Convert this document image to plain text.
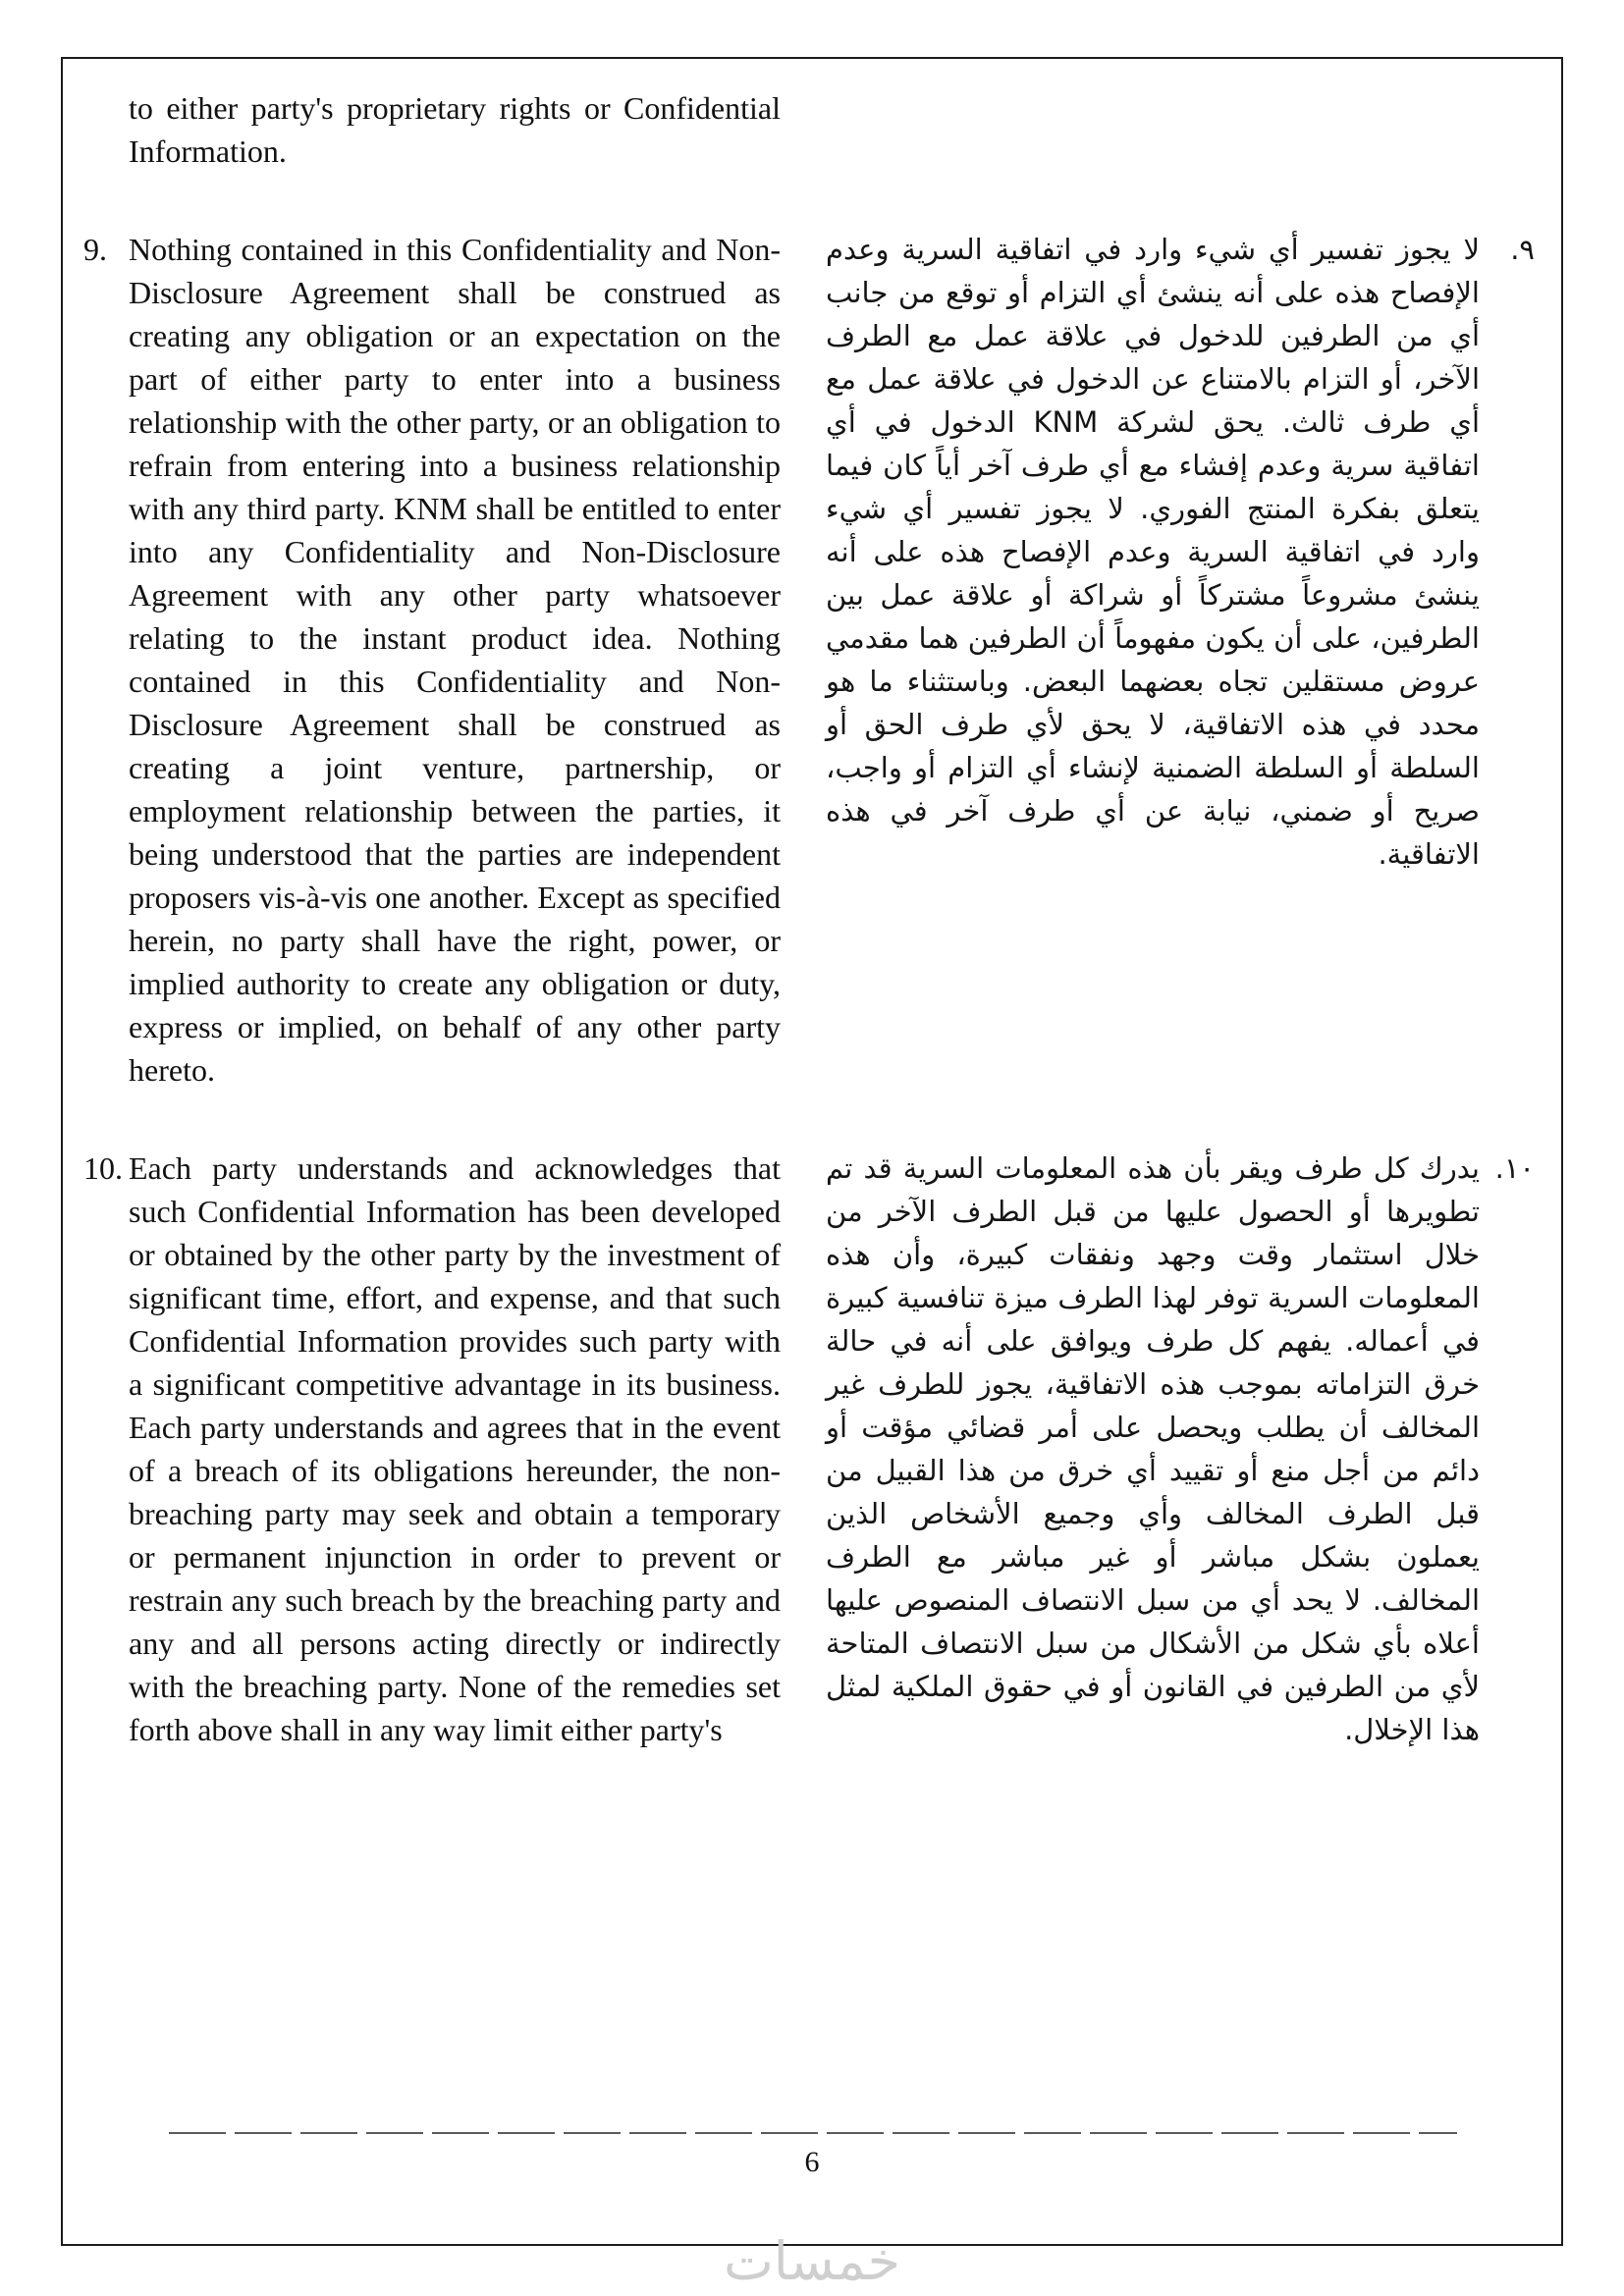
to either party's proprietary rights or Confidential Information.

9. Nothing contained in this Confidentiality and Non-Disclosure Agreement shall be construed as creating any obligation or an expectation on the part of either party to enter into a business relationship with the other party, or an obligation to refrain from entering into a business relationship with any third party. KNM shall be entitled to enter into any Confidentiality and Non-Disclosure Agreement with any other party whatsoever relating to the instant product idea. Nothing contained in this Confidentiality and Non-Disclosure Agreement shall be construed as creating a joint venture, partnership, or employment relationship between the parties, it being understood that the parties are independent proposers vis-à-vis one another. Except as specified herein, no party shall have the right, power, or implied authority to create any obligation or duty, express or implied, on behalf of any other party hereto.
٩.
لا يجوز تفسير أي شيء وارد في اتفاقية السرية وعدم الإفصاح هذه على أنه ينشئ أي التزام أو توقع من جانب أي من الطرفين للدخول في علاقة عمل مع الطرف الآخر، أو التزام بالامتناع عن الدخول في علاقة عمل مع أي طرف ثالث. يحق لشركة KNM الدخول في أي اتفاقية سرية وعدم إفشاء مع أي طرف آخر أياً كان فيما يتعلق بفكرة المنتج الفوري. لا يجوز تفسير أي شيء وارد في اتفاقية السرية وعدم الإفصاح هذه على أنه ينشئ مشروعاً مشتركاً أو شراكة أو علاقة عمل بين الطرفين، على أن يكون مفهوماً أن الطرفين هما مقدمي عروض مستقلين تجاه بعضهما البعض. وباستثناء ما هو محدد في هذه الاتفاقية، لا يحق لأي طرف الحق أو السلطة أو السلطة الضمنية لإنشاء أي التزام أو واجب، صريح أو ضمني، نيابة عن أي طرف آخر في هذه الاتفاقية.
10. Each party understands and acknowledges that such Confidential Information has been developed or obtained by the other party by the investment of significant time, effort, and expense, and that such Confidential Information provides such party with a significant competitive advantage in its business. Each party understands and agrees that in the event of a breach of its obligations hereunder, the non-breaching party may seek and obtain a temporary or permanent injunction in order to prevent or restrain any such breach by the breaching party and any and all persons acting directly or indirectly with the breaching party. None of the remedies set forth above shall in any way limit either party's
١٠.
يدرك كل طرف ويقر بأن هذه المعلومات السرية قد تم تطويرها أو الحصول عليها من قبل الطرف الآخر من خلال استثمار وقت وجهد ونفقات كبيرة، وأن هذه المعلومات السرية توفر لهذا الطرف ميزة تنافسية كبيرة في أعماله. يفهم كل طرف ويوافق على أنه في حالة خرق التزاماته بموجب هذه الاتفاقية، يجوز للطرف غير المخالف أن يطلب ويحصل على أمر قضائي مؤقت أو دائم من أجل منع أو تقييد أي خرق من هذا القبيل من قبل الطرف المخالف وأي وجميع الأشخاص الذين يعملون بشكل مباشر أو غير مباشر مع الطرف المخالف. لا يحد أي من سبل الانتصاف المنصوص عليها أعلاه بأي شكل من الأشكال من سبل الانتصاف المتاحة لأي من الطرفين في القانون أو في حقوق الملكية لمثل هذا الإخلال.
6
خمسات
